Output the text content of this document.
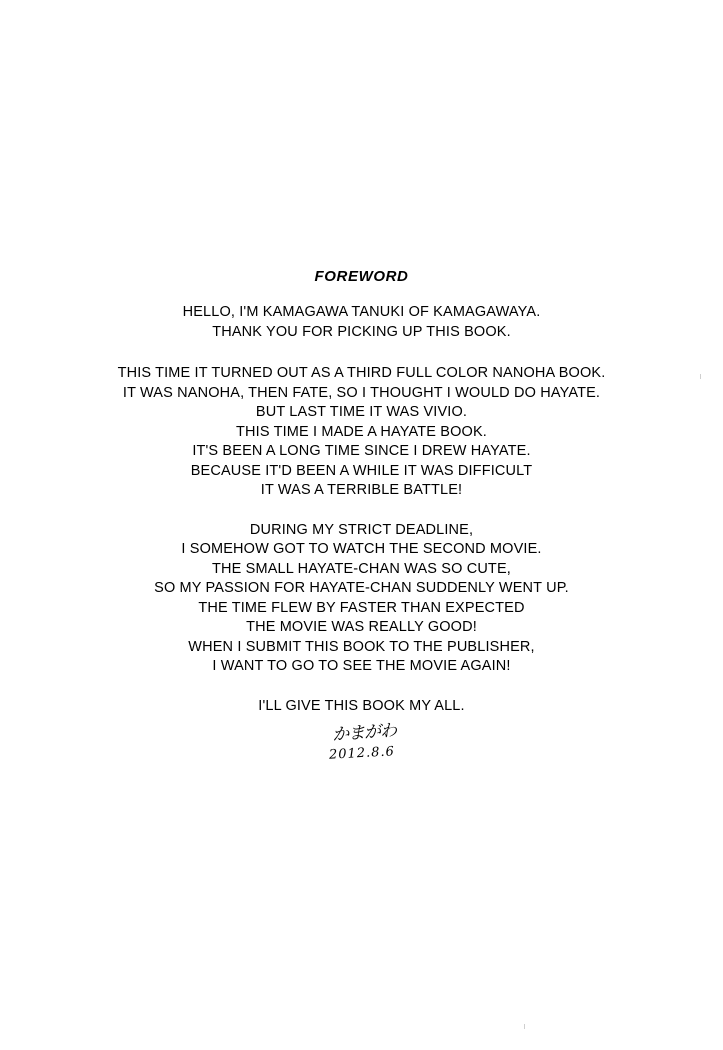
FOREWORD
HELLO, I'M KAMAGAWA TANUKI OF KAMAGAWAYA.
THANK YOU FOR PICKING UP THIS BOOK.
THIS TIME IT TURNED OUT AS A THIRD FULL COLOR NANOHA BOOK.
IT WAS NANOHA, THEN FATE, SO I THOUGHT I WOULD DO HAYATE.
BUT LAST TIME IT WAS VIVIO.
THIS TIME I MADE A HAYATE BOOK.
IT'S BEEN A LONG TIME SINCE I DREW HAYATE.
BECAUSE IT'D BEEN A WHILE IT WAS DIFFICULT
IT WAS A TERRIBLE BATTLE!
DURING MY STRICT DEADLINE,
I SOMEHOW GOT TO WATCH THE SECOND MOVIE.
THE SMALL HAYATE-CHAN WAS SO CUTE,
SO MY PASSION FOR HAYATE-CHAN SUDDENLY WENT UP.
THE TIME FLEW BY FASTER THAN EXPECTED
THE MOVIE WAS REALLY GOOD!
WHEN I SUBMIT THIS BOOK TO THE PUBLISHER,
I WANT TO GO TO SEE THE MOVIE AGAIN!
I'LL GIVE THIS BOOK MY ALL.
かまがわ
2012.8.6
